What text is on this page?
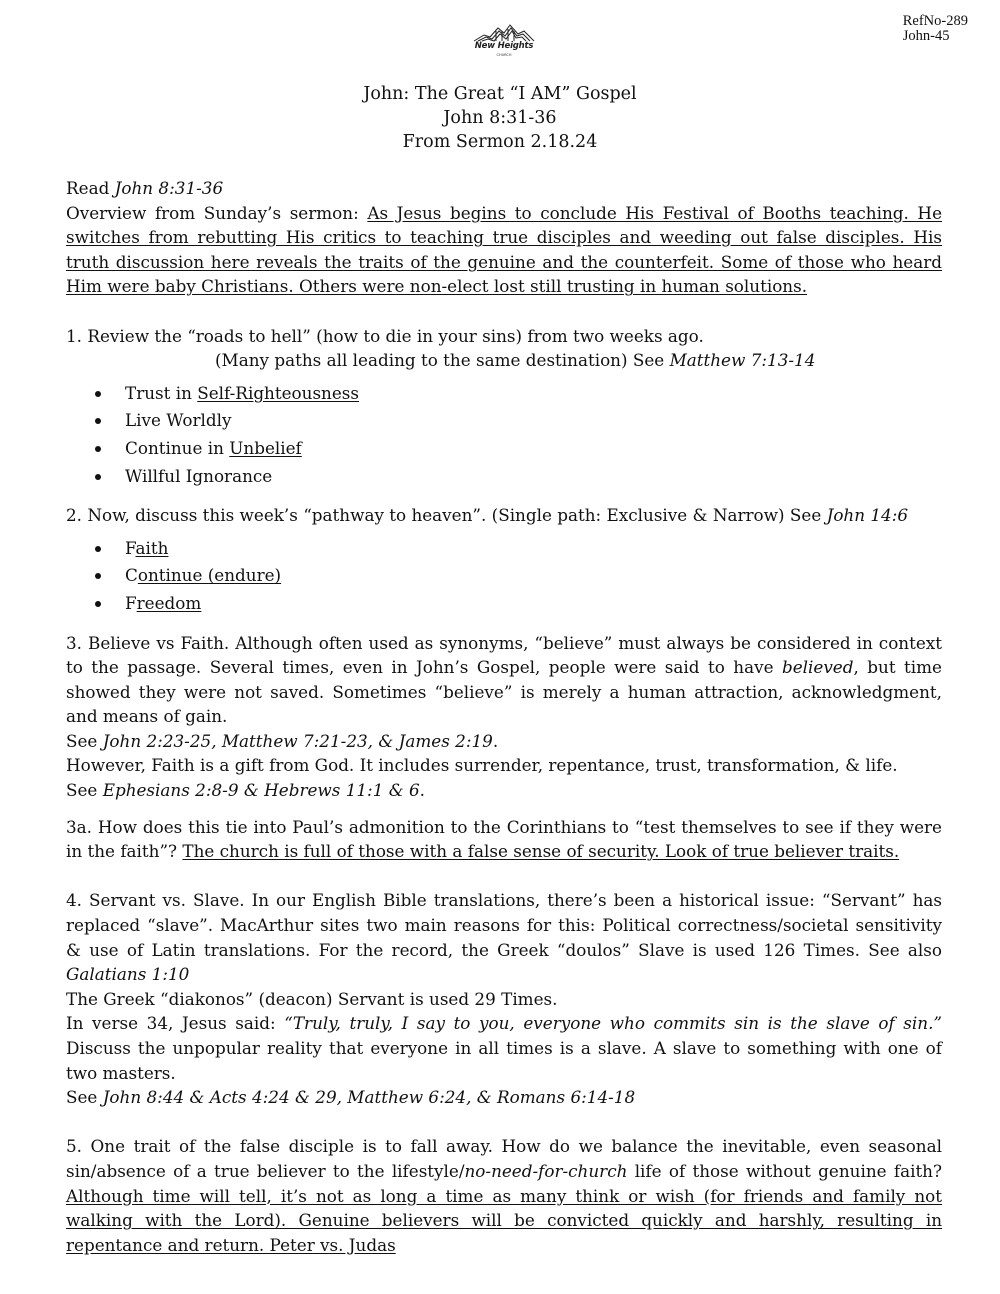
RefNo-289
John-45
New Heights
CHURCH
John: The Great “I AM” Gospel
John 8:31-36
From Sermon 2.18.24

Read John 8:31-36

Overview from Sunday’s sermon: As Jesus begins to conclude His Festival of Booths teaching. He switches from rebutting His critics to teaching true disciples and weeding out false disciples. His truth discussion here reveals the traits of the genuine and the counterfeit. Some of those who heard Him were baby Christians. Others were non-elect lost still trusting in human solutions.

1. Review the “roads to hell” (how to die in your sins) from two weeks ago.

(Many paths all leading to the same destination) See Matthew 7:13-14

Trust in Self-Righteousness
Live Worldly
Continue in Unbelief
Willful Ignorance

2. Now, discuss this week’s “pathway to heaven”. (Single path: Exclusive & Narrow) See John 14:6

Faith
Continue (endure)
Freedom

3. Believe vs Faith. Although often used as synonyms, “believe” must always be considered in context to the passage. Several times, even in John’s Gospel, people were said to have believed, but time showed they were not saved. Sometimes “believe” is merely a human attraction, acknowledgment, and means of gain.

See John 2:23-25, Matthew 7:21-23, & James 2:19.

However, Faith is a gift from God. It includes surrender, repentance, trust, transformation, & life.

See Ephesians 2:8-9 & Hebrews 11:1 & 6.

3a. How does this tie into Paul’s admonition to the Corinthians to “test themselves to see if they were in the faith”? The church is full of those with a false sense of security. Look of true believer traits.

4. Servant vs. Slave. In our English Bible translations, there’s been a historical issue: “Servant” has replaced “slave”. MacArthur sites two main reasons for this: Political correctness/societal sensitivity & use of Latin translations. For the record, the Greek “doulos” Slave is used 126 Times. See also Galatians 1:10

The Greek “diakonos” (deacon) Servant is used 29 Times.

In verse 34, Jesus said: “Truly, truly, I say to you, everyone who commits sin is the slave of sin.” Discuss the unpopular reality that everyone in all times is a slave. A slave to something with one of two masters.

See John 8:44 & Acts 4:24 & 29, Matthew 6:24, & Romans 6:14-18

5. One trait of the false disciple is to fall away. How do we balance the inevitable, even seasonal sin/absence of a true believer to the lifestyle/no-need-for-church life of those without genuine faith? Although time will tell, it’s not as long a time as many think or wish (for friends and family not walking with the Lord). Genuine believers will be convicted quickly and harshly, resulting in repentance and return. Peter vs. Judas
